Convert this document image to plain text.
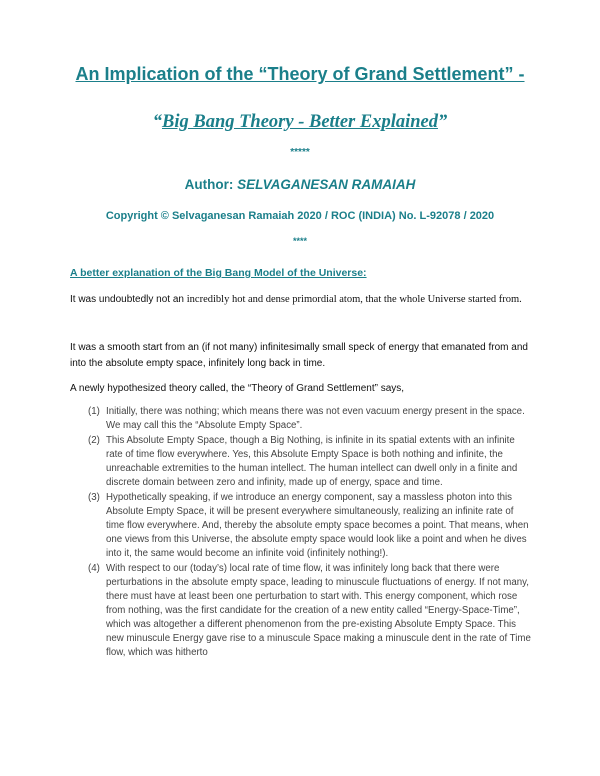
An Implication of the “Theory of Grand Settlement” -
“Big Bang Theory - Better Explained”
*****
Author: SELVAGANESAN RAMAIAH
Copyright © Selvaganesan Ramaiah 2020 / ROC (INDIA) No. L-92078 / 2020
****
A better explanation of the Big Bang Model of the Universe:
It was undoubtedly not an incredibly hot and dense primordial atom, that the whole Universe started from.
It was a smooth start from an (if not many) infinitesimally small speck of energy that emanated from and into the absolute empty space, infinitely long back in time.
A newly hypothesized theory called, the “Theory of Grand Settlement” says,
(1) Initially, there was nothing; which means there was not even vacuum energy present in the space. We may call this the “Absolute Empty Space”.
(2) This Absolute Empty Space, though a Big Nothing, is infinite in its spatial extents with an infinite rate of time flow everywhere. Yes, this Absolute Empty Space is both nothing and infinite, the unreachable extremities to the human intellect. The human intellect can dwell only in a finite and discrete domain between zero and infinity, made up of energy, space and time.
(3) Hypothetically speaking, if we introduce an energy component, say a massless photon into this Absolute Empty Space, it will be present everywhere simultaneously, realizing an infinite rate of time flow everywhere. And, thereby the absolute empty space becomes a point. That means, when one views from this Universe, the absolute empty space would look like a point and when he dives into it, the same would become an infinite void (infinitely nothing!).
(4) With respect to our (today’s) local rate of time flow, it was infinitely long back that there were perturbations in the absolute empty space, leading to minuscule fluctuations of energy. If not many, there must have at least been one perturbation to start with. This energy component, which rose from nothing, was the first candidate for the creation of a new entity called “Energy-Space-Time”, which was altogether a different phenomenon from the pre-existing Absolute Empty Space. This new minuscule Energy gave rise to a minuscule Space making a minuscule dent in the rate of Time flow, which was hitherto
